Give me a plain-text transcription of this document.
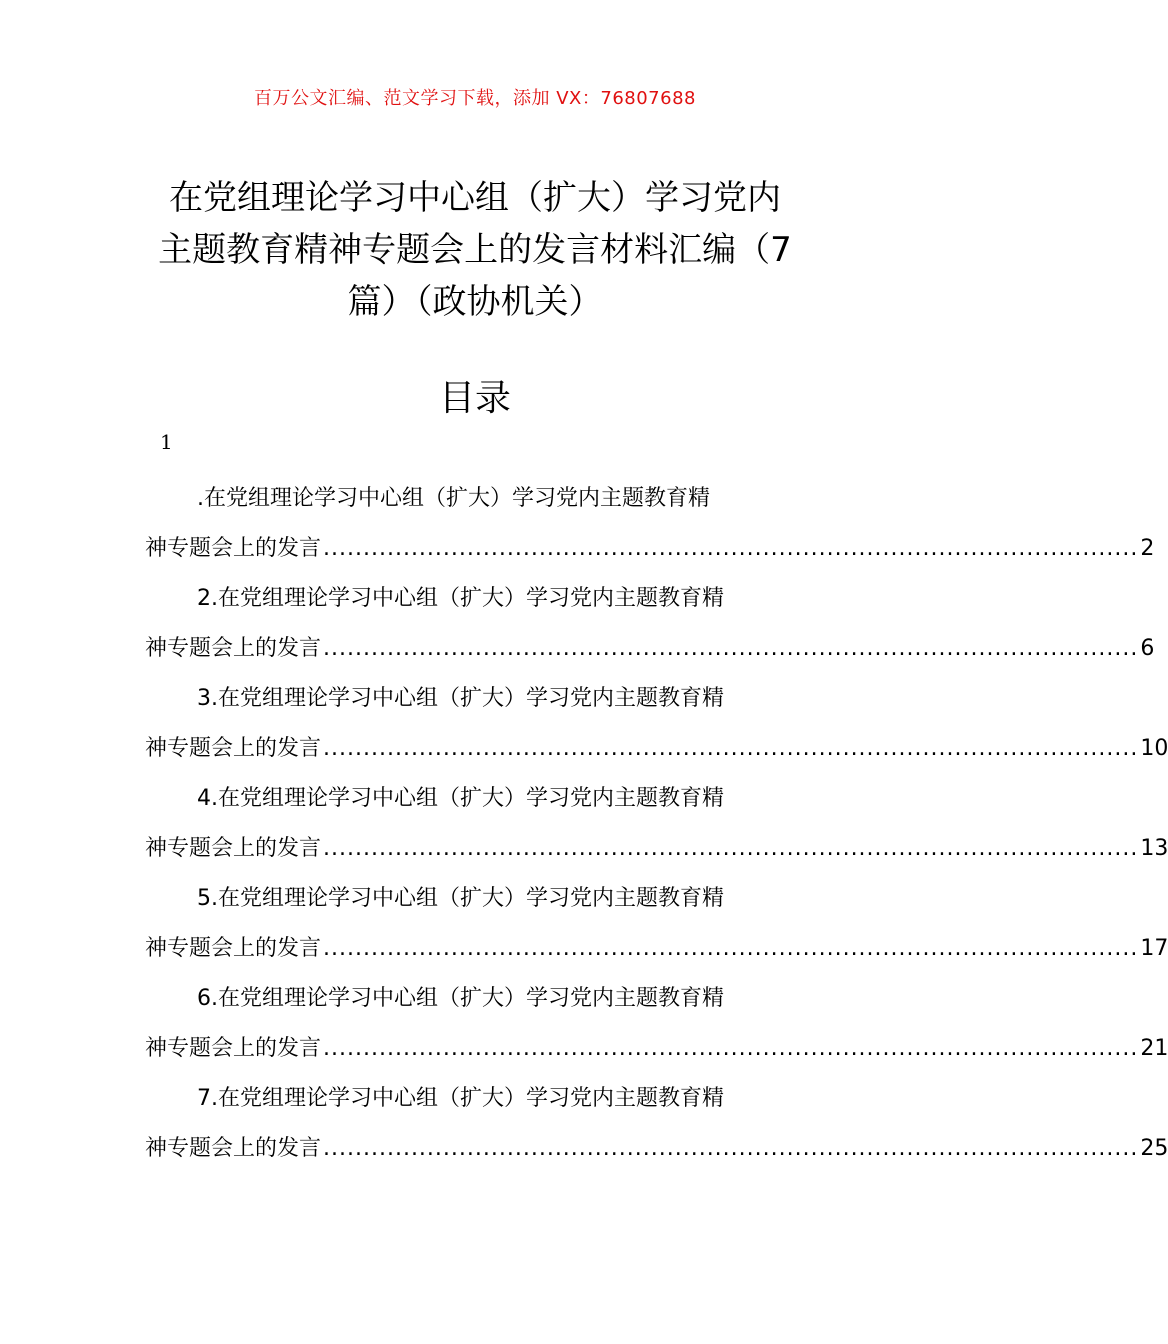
百万公文汇编、范文学习下载，添加 VX：76807688
在党组理论学习中心组（扩大）学习党内
主题教育精神专题会上的发言材料汇编（7
篇）（政协机关）
目录
1
.在党组理论学习中心组（扩大）学习党内主题教育精
神专题会上的发言 ...................................................................................................... 2
2.在党组理论学习中心组（扩大）学习党内主题教育精
神专题会上的发言 ...................................................................................................... 6
3.在党组理论学习中心组（扩大）学习党内主题教育精
神专题会上的发言 ...................................................................................................... 10
4.在党组理论学习中心组（扩大）学习党内主题教育精
神专题会上的发言 ...................................................................................................... 13
5.在党组理论学习中心组（扩大）学习党内主题教育精
神专题会上的发言 ...................................................................................................... 17
6.在党组理论学习中心组（扩大）学习党内主题教育精
神专题会上的发言 ...................................................................................................... 21
7.在党组理论学习中心组（扩大）学习党内主题教育精
神专题会上的发言 ...................................................................................................... 25
